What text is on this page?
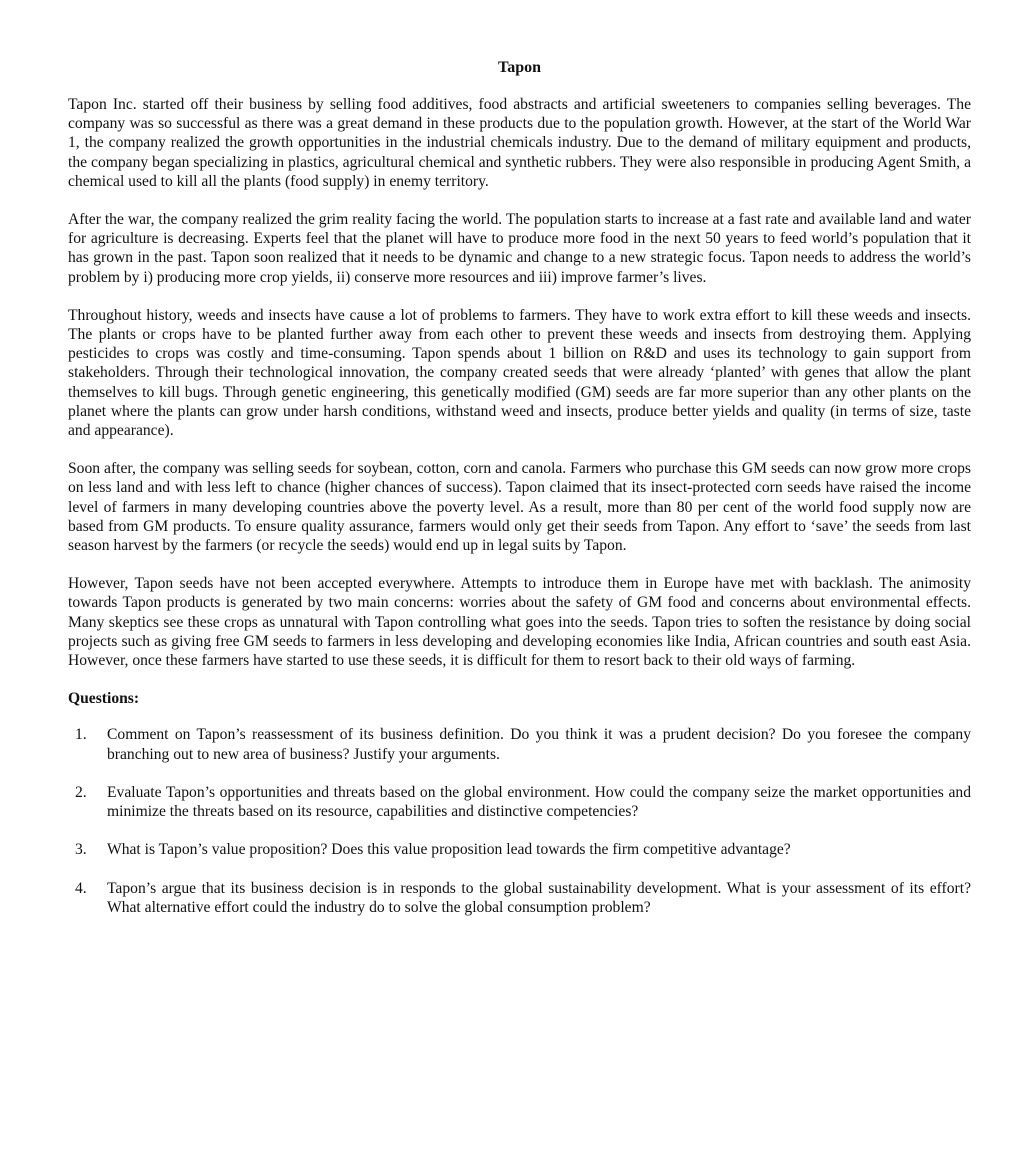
Tapon

Tapon Inc. started off their business by selling food additives, food abstracts and artificial sweeteners to companies selling beverages. The company was so successful as there was a great demand in these products due to the population growth. However, at the start of the World War 1, the company realized the growth opportunities in the industrial chemicals industry. Due to the demand of military equipment and products, the company began specializing in plastics, agricultural chemical and synthetic rubbers. They were also responsible in producing Agent Smith, a chemical used to kill all the plants (food supply) in enemy territory.

After the war, the company realized the grim reality facing the world. The population starts to increase at a fast rate and available land and water for agriculture is decreasing. Experts feel that the planet will have to produce more food in the next 50 years to feed world’s population that it has grown in the past. Tapon soon realized that it needs to be dynamic and change to a new strategic focus. Tapon needs to address the world’s problem by i) producing more crop yields, ii) conserve more resources and iii) improve farmer’s lives.

Throughout history, weeds and insects have cause a lot of problems to farmers. They have to work extra effort to kill these weeds and insects. The plants or crops have to be planted further away from each other to prevent these weeds and insects from destroying them. Applying pesticides to crops was costly and time-consuming. Tapon spends about 1 billion on R&D and uses its technology to gain support from stakeholders. Through their technological innovation, the company created seeds that were already ‘planted’ with genes that allow the plant themselves to kill bugs. Through genetic engineering, this genetically modified (GM) seeds are far more superior than any other plants on the planet where the plants can grow under harsh conditions, withstand weed and insects, produce better yields and quality (in terms of size, taste and appearance).

Soon after, the company was selling seeds for soybean, cotton, corn and canola. Farmers who purchase this GM seeds can now grow more crops on less land and with less left to chance (higher chances of success). Tapon claimed that its insect-protected corn seeds have raised the income level of farmers in many developing countries above the poverty level. As a result, more than 80 per cent of the world food supply now are based from GM products. To ensure quality assurance, farmers would only get their seeds from Tapon. Any effort to ‘save’ the seeds from last season harvest by the farmers (or recycle the seeds) would end up in legal suits by Tapon.

However, Tapon seeds have not been accepted everywhere. Attempts to introduce them in Europe have met with backlash. The animosity towards Tapon products is generated by two main concerns: worries about the safety of GM food and concerns about environmental effects. Many skeptics see these crops as unnatural with Tapon controlling what goes into the seeds. Tapon tries to soften the resistance by doing social projects such as giving free GM seeds to farmers in less developing and developing economies like India, African countries and south east Asia. However, once these farmers have started to use these seeds, it is difficult for them to resort back to their old ways of farming.

Questions:
1. Comment on Tapon’s reassessment of its business definition. Do you think it was a prudent decision? Do you foresee the company branching out to new area of business? Justify your arguments.
2. Evaluate Tapon’s opportunities and threats based on the global environment. How could the company seize the market opportunities and minimize the threats based on its resource, capabilities and distinctive competencies?
3. What is Tapon’s value proposition? Does this value proposition lead towards the firm competitive advantage?
4. Tapon’s argue that its business decision is in responds to the global sustainability development. What is your assessment of its effort? What alternative effort could the industry do to solve the global consumption problem?
